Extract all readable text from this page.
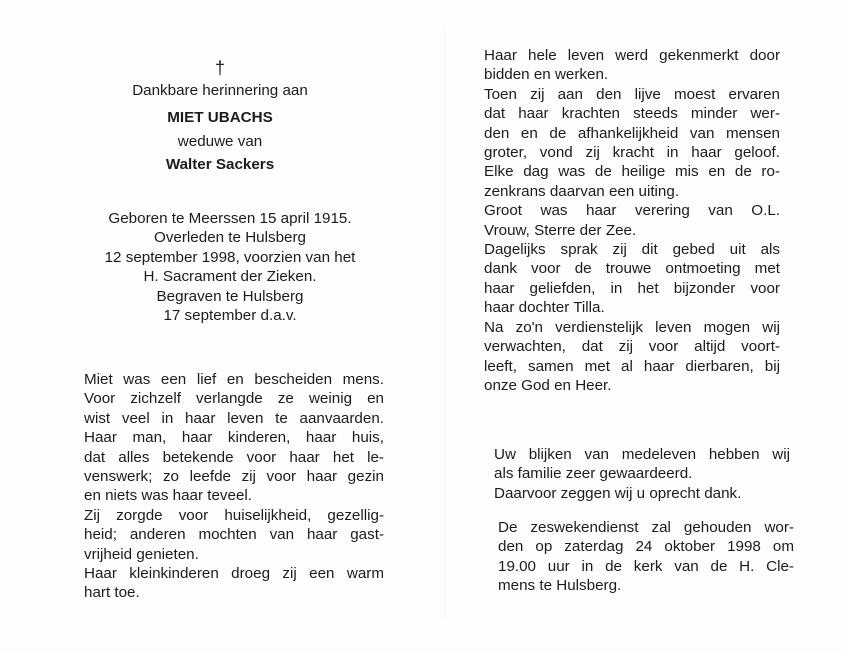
†
Dankbare herinnering aan
MIET UBACHS
weduwe van
Walter Sackers
Geboren te Meerssen 15 april 1915.
Overleden te Hulsberg
12 september 1998, voorzien van het
H. Sacrament der Zieken.
Begraven te Hulsberg
17 september d.a.v.
Miet was een lief en bescheiden mens.
Voor zichzelf verlangde ze weinig en
wist veel in haar leven te aanvaarden.
Haar man, haar kinderen, haar huis,
dat alles betekende voor haar het le-
venswerk; zo leefde zij voor haar gezin
en niets was haar teveel.
Zij zorgde voor huiselijkheid, gezellig-
heid; anderen mochten van haar gast-
vrijheid genieten.
Haar kleinkinderen droeg zij een warm
hart toe.
Haar hele leven werd gekenmerkt door
bidden en werken.
Toen zij aan den lijve moest ervaren
dat haar krachten steeds minder wer-
den en de afhankelijkheid van mensen
groter, vond zij kracht in haar geloof.
Elke dag was de heilige mis en de ro-
zenkrans daarvan een uiting.
Groot was haar verering van O.L.
Vrouw, Sterre der Zee.
Dagelijks sprak zij dit gebed uit als
dank voor de trouwe ontmoeting met
haar geliefden, in het bijzonder voor
haar dochter Tilla.
Na zo'n verdienstelijk leven mogen wij
verwachten, dat zij voor altijd voort-
leeft, samen met al haar dierbaren, bij
onze God en Heer.
Uw blijken van medeleven hebben wij
als familie zeer gewaardeerd.
Daarvoor zeggen wij u oprecht dank.
De zeswekendienst zal gehouden wor-
den op zaterdag 24 oktober 1998 om
19.00 uur in de kerk van de H. Cle-
mens te Hulsberg.
